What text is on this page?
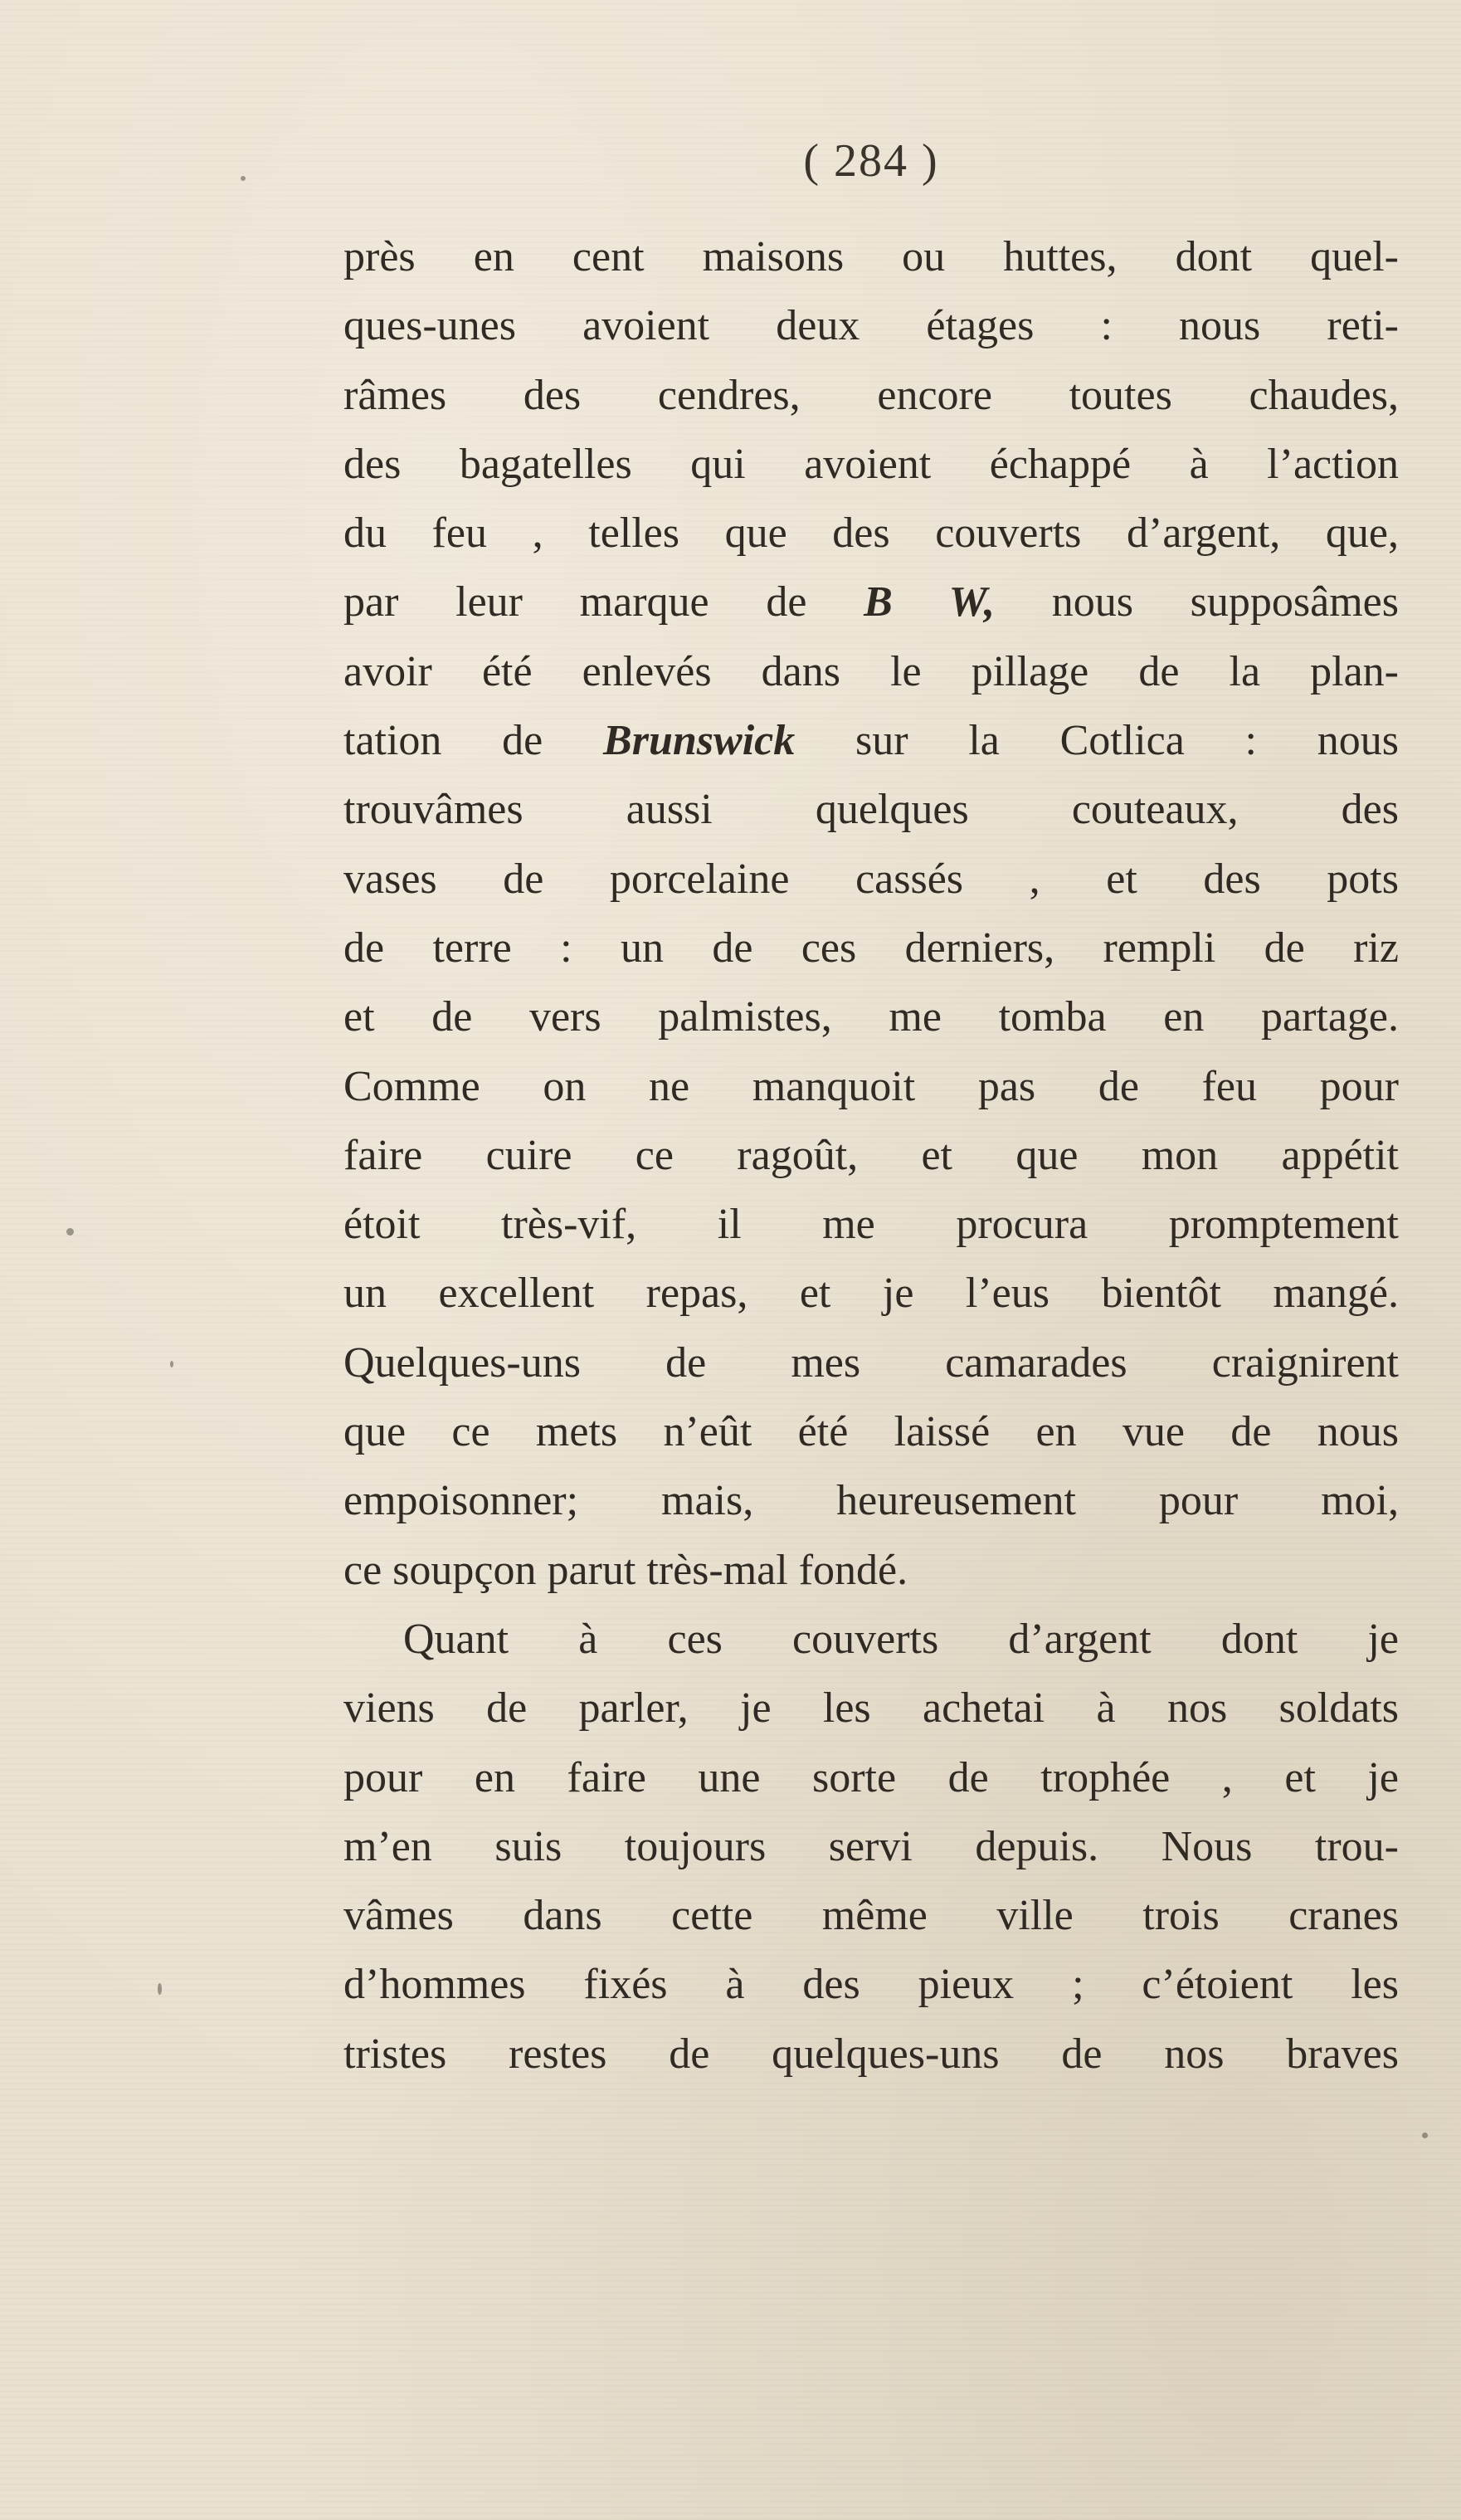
( 284 )
près en cent maisons ou huttes, dont quel-
ques-unes avoient deux étages : nous reti-
râmes des cendres, encore toutes chaudes,
des bagatelles qui avoient échappé à l’action
du feu , telles que des couverts d’argent, que,
par leur marque de B W, nous supposâmes
avoir été enlevés dans le pillage de la plan-
tation de Brunswick sur la Cotlica : nous
trouvâmes aussi quelques couteaux, des
vases de porcelaine cassés , et des pots
de terre : un de ces derniers, rempli de riz
et de vers palmistes, me tomba en partage.
Comme on ne manquoit pas de feu pour
faire cuire ce ragoût, et que mon appétit
étoit très-vif, il me procura promptement
un excellent repas, et je l’eus bientôt mangé.
Quelques-uns de mes camarades craignirent
que ce mets n’eût été laissé en vue de nous
empoisonner; mais, heureusement pour moi,
ce soupçon parut très-mal fondé.
Quant à ces couverts d’argent dont je
viens de parler, je les achetai à nos soldats
pour en faire une sorte de trophée , et je
m’en suis toujours servi depuis. Nous trou-
vâmes dans cette même ville trois cranes
d’hommes fixés à des pieux ; c’étoient les
tristes restes de quelques-uns de nos braves
